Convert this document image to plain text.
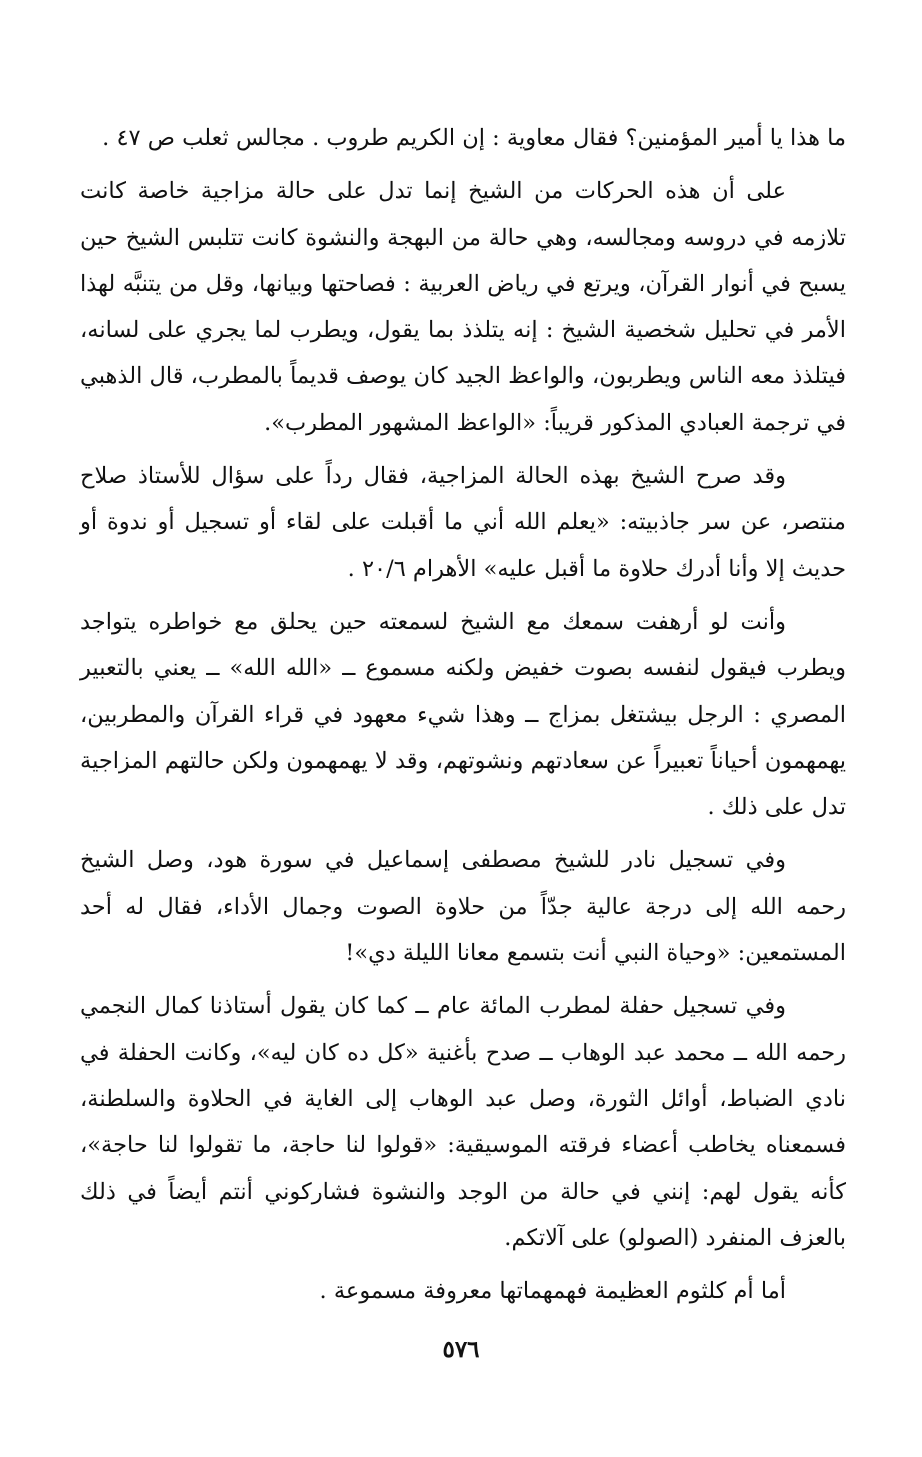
ما هذا يا أمير المؤمنين؟ فقال معاوية : إن الكريم طروب . مجالس ثعلب ص ٤٧ .

على أن هذه الحركات من الشيخ إنما تدل على حالة مزاجية خاصة كانت تلازمه في دروسه ومجالسه، وهي حالة من البهجة والنشوة كانت تتلبس الشيخ حين يسبح في أنوار القرآن، ويرتع في رياض العربية : فصاحتها وبيانها، وقل من يتنبَّه لهذا الأمر في تحليل شخصية الشيخ : إنه يتلذذ بما يقول، ويطرب لما يجري على لسانه، فيتلذذ معه الناس ويطربون، والواعظ الجيد كان يوصف قديماً بالمطرب، قال الذهبي في ترجمة العبادي المذكور قريباً: «الواعظ المشهور المطرب».

وقد صرح الشيخ بهذه الحالة المزاجية، فقال رداً على سؤال للأستاذ صلاح منتصر، عن سر جاذبيته: «يعلم الله أني ما أقبلت على لقاء أو تسجيل أو ندوة أو حديث إلا وأنا أدرك حلاوة ما أقبل عليه» الأهرام ٢٠/٦ .

وأنت لو أرهفت سمعك مع الشيخ لسمعته حين يحلق مع خواطره يتواجد ويطرب فيقول لنفسه بصوت خفيض ولكنه مسموع ــ «الله الله» ــ يعني بالتعبير المصري : الرجل بيشتغل بمزاج ــ وهذا شيء معهود في قراء القرآن والمطربين، يهمهمون أحياناً تعبيراً عن سعادتهم ونشوتهم، وقد لا يهمهمون ولكن حالتهم المزاجية تدل على ذلك .

وفي تسجيل نادر للشيخ مصطفى إسماعيل في سورة هود، وصل الشيخ رحمه الله إلى درجة عالية جدّاً من حلاوة الصوت وجمال الأداء، فقال له أحد المستمعين: «وحياة النبي أنت بتسمع معانا الليلة دي»!

وفي تسجيل حفلة لمطرب المائة عام ــ كما كان يقول أستاذنا كمال النجمي رحمه الله ــ محمد عبد الوهاب ــ صدح بأغنية «كل ده كان ليه»، وكانت الحفلة في نادي الضباط، أوائل الثورة، وصل عبد الوهاب إلى الغاية في الحلاوة والسلطنة، فسمعناه يخاطب أعضاء فرقته الموسيقية: «قولوا لنا حاجة، ما تقولوا لنا حاجة»، كأنه يقول لهم: إنني في حالة من الوجد والنشوة فشاركوني أنتم أيضاً في ذلك بالعزف المنفرد (الصولو) على آلاتكم.

أما أم كلثوم العظيمة فهمهماتها معروفة مسموعة .

٥٧٦
